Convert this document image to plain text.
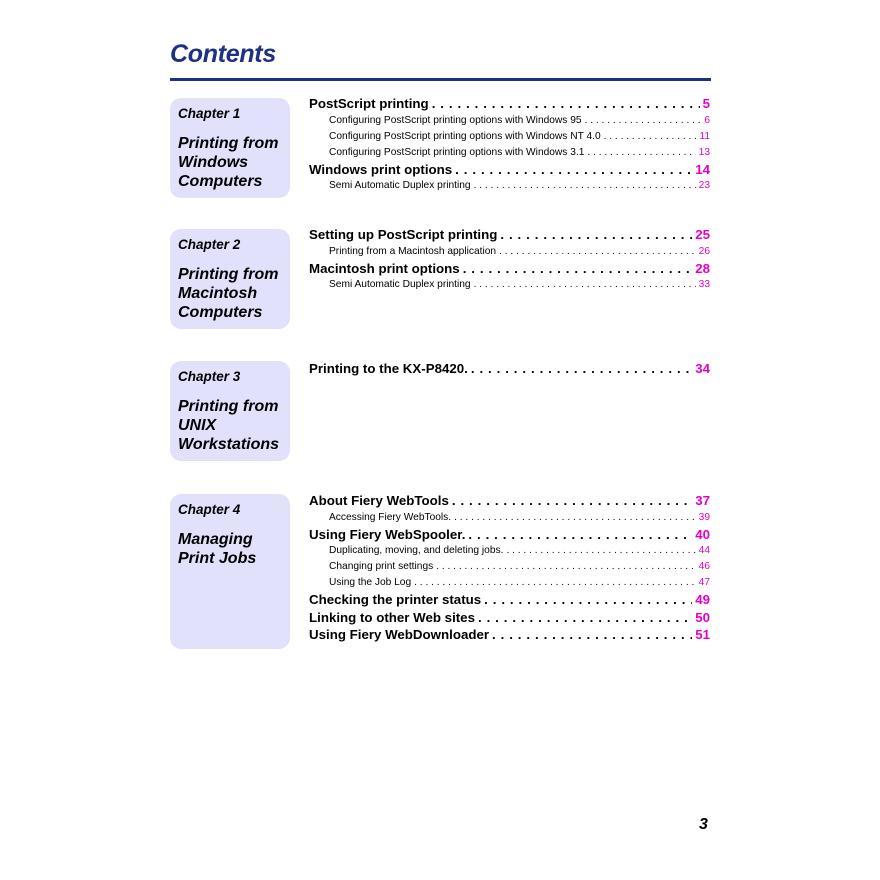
Contents
Chapter 1
Printing from
Windows
Computers
PostScript printing . . .	5
Configuring PostScript printing options with Windows 95 . . .	6
Configuring PostScript printing options with Windows NT 4.0 . . .	11
Configuring PostScript printing options with Windows 3.1 . . .	13
Windows print options . . .	14
Semi Automatic Duplex printing . . .	23
Chapter 2
Printing from
Macintosh
Computers
Setting up PostScript printing . . .	25
Printing from a Macintosh application . . .	26
Macintosh print options . . .	28
Semi Automatic Duplex printing . . .	33
Chapter 3
Printing from
UNIX
Workstations
Printing to the KX-P8420. . . .	34
Chapter 4
Managing
Print Jobs
About Fiery WebTools . . .	37
Accessing Fiery WebTools. . . .	39
Using Fiery WebSpooler. . . .	40
Duplicating, moving, and deleting jobs. . . .	44
Changing print settings . . .	46
Using the Job Log . . .	47
Checking the printer status . . .	49
Linking to other Web sites . . .	50
Using Fiery WebDownloader . . .	51
3
